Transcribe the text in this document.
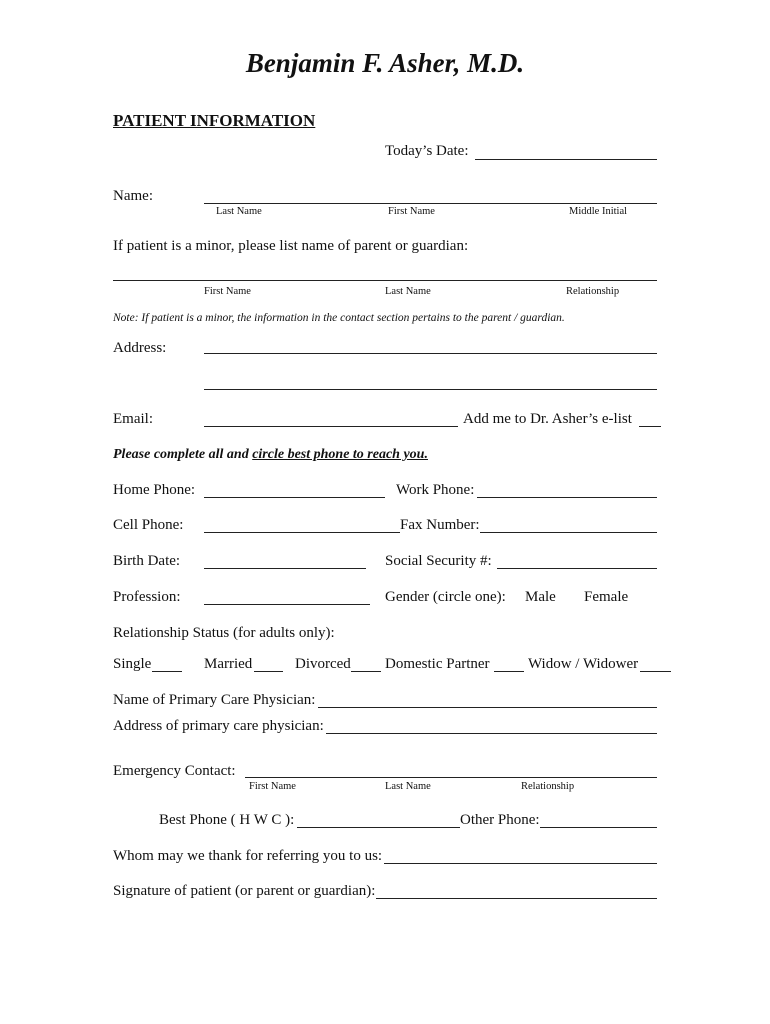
Benjamin F. Asher, M.D.
PATIENT INFORMATION
Today’s Date:
Name:
Last Name	First Name	Middle Initial
If patient is a minor, please list name of parent or guardian:
First Name	Last Name	Relationship
Note: If patient is a minor, the information in the contact section pertains to the parent / guardian.
Address:
Email:	Add me to Dr. Asher’s e-list
Please complete all and circle best phone to reach you.
Home Phone:	Work Phone:
Cell Phone:	Fax Number:
Birth Date:	Social Security #:
Profession:	Gender (circle one): Male Female
Relationship Status (for adults only):
Single	Married	Divorced Domestic Partner	Widow / Widower
Name of Primary Care Physician:
Address of primary care physician:
Emergency Contact:
First Name	Last Name	Relationship
Best Phone ( H W C ):	Other Phone:
Whom may we thank for referring you to us:
Signature of patient (or parent or guardian):
